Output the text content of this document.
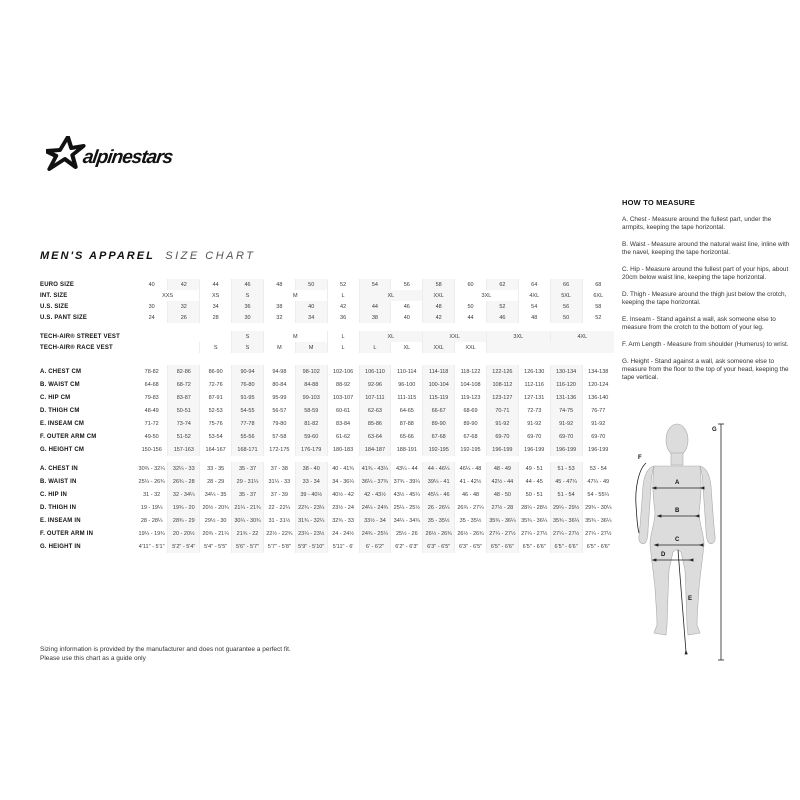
alpinestars
MEN'S APPAREL SIZE CHART
EURO SIZE	40	42	44	46	48	50	52	54	56	58	60	62	64	66	68
INT. SIZE	XXS		XS	S	M		L	XL		XXL	3XL		4XL	5XL	6XL
U.S. SIZE	30	32	34	36	38	40	42	44	46	48	50	52	54	56	58
U.S. PANT SIZE	24	26	28	30	32	34	36	38	40	42	44	46	48	50	52

TECH-AIR® STREET VEST				S	M		L	XL		XXL		3XL		4XL	
TECH-AIR® RACE VEST			S	S	M	M	L	L	XL	XXL	XXL				

A. CHEST CM	78-82	82-86	86-90	90-94	94-98	98-102	102-106	106-110	110-114	114-118	118-122	122-126	126-130	130-134	134-138
B. WAIST CM	64-68	68-72	72-76	76-80	80-84	84-88	88-92	92-96	96-100	100-104	104-108	108-112	112-116	116-120	120-124
C. HIP CM	79-83	83-87	87-91	91-95	95-99	99-103	103-107	107-111	111-115	115-119	119-123	123-127	127-131	131-136	136-140
D. THIGH CM	48-49	50-51	52-53	54-55	56-57	58-59	60-61	62-63	64-65	66-67	68-69	70-71	72-73	74-75	76-77
E. INSEAM CM	71-72	73-74	75-76	77-78	79-80	81-82	83-84	85-86	87-88	89-90	89-90	91-92	91-92	91-92	91-92
F. OUTER ARM CM	49-50	51-52	53-54	55-56	57-58	59-60	61-62	63-64	65-66	67-68	67-68	69-70	69-70	69-70	69-70
G. HEIGHT CM	150-156	157-163	164-167	168-171	172-175	176-179	180-183	184-187	188-191	192-195	192-195	196-199	196-199	196-199	196-199

A. CHEST IN	30¾ - 32¼	32¼ - 33	33 - 35	35 - 37	37 - 38	38 - 40	40 - 41¾	41¾ - 43¼	43¼ - 44	44 - 46¼	46¼ - 48	48 - 49	49 - 51	51 - 53	53 - 54
B. WAIST IN	25¼ - 26¾	26¾ - 28	28 - 29	29 - 31¼	31¼ - 33	33 - 34	34 - 36¼	36¼ - 37¾	37¾ - 39¼	39¼ - 41	41 - 42½	42½ - 44	44 - 45	45 - 47¼	47¼ - 49
C. HIP IN	31 - 32	32 - 34¼	34¼ - 35	35 - 37	37 - 39	39 - 40½	40½ - 42	42 - 43½	43½ - 45¼	45¼ - 46	46 - 48	48 - 50	50 - 51	51 - 54	54 - 55¼
D. THIGH IN	19 - 19¼	19¾ - 20	20½ - 20¾	21¼ - 21¾	22 - 22¼	22¾ - 23¼	23½ - 24	24¼ - 24¾	25¼ - 25½	26 - 26¼	26¾ - 27¼	27½ - 28	28¼ - 28½	29¼ - 29½	29¾ - 30¼
E. INSEAM IN	28 - 28¼	28¾ - 29	29½ - 30	30¼ - 30¾	31 - 31½	31¾ - 32¼	32¾ - 33	33½ - 34	34¼ - 34¾	35 - 35½	35 - 35½	35¾ - 36¼	35¾ - 36¼	35¾ - 36¼	35¾ - 36¼
F. OUTER ARM IN	19¼ - 19¾	20 - 20½	20¾ - 21¼	21¾ - 22	22½ - 22¾	23¼ - 23½	24 - 24½	24¾ - 25¼	25½ - 26	26½ - 26¾	26½ - 26¾	27¼ - 27½	27¼ - 27½	27¼ - 27½	27¼ - 27½
G. HEIGHT IN	4'11" - 5'1"	5'2" - 5'4"	5'4" - 5'5"	5'6" - 5'7"	5'7" - 5'8"	5'9" - 5'10"	5'11" - 6'	6' - 6'2"	6'2" - 6'3"	6'3" - 6'5"	6'3" - 6'5"	6'5" - 6'6"	6'5" - 6'6"	6'5" - 6'6"	6'5" - 6'6"
HOW TO MEASURE

A. Chest - Measure around the fullest part, under the armpits, keeping the tape horizontal.

B. Waist - Measure around the natural waist line, inline with the navel, keeping the tape horizontal.

C. Hip - Measure around the fullest part of your hips, about 20cm below waist line, keeping the tape horizontal.

D. Thigh - Measure around the thigh just below the crotch, keeping the tape horizontal.

E. Inseam - Stand against a wall, ask someone else to measure from the crotch to the bottom of your leg.

F. Arm Length - Measure from shoulder (Humerus) to wrist.

G. Height - Stand against a wall, ask someone else to measure from the floor to the top of your head, keeping the tape vertical.

A
B
C
D
E
F
G
Sizing information is provided by the manufacturer and does not guarantee a perfect fit.
Please use this chart as a guide only
